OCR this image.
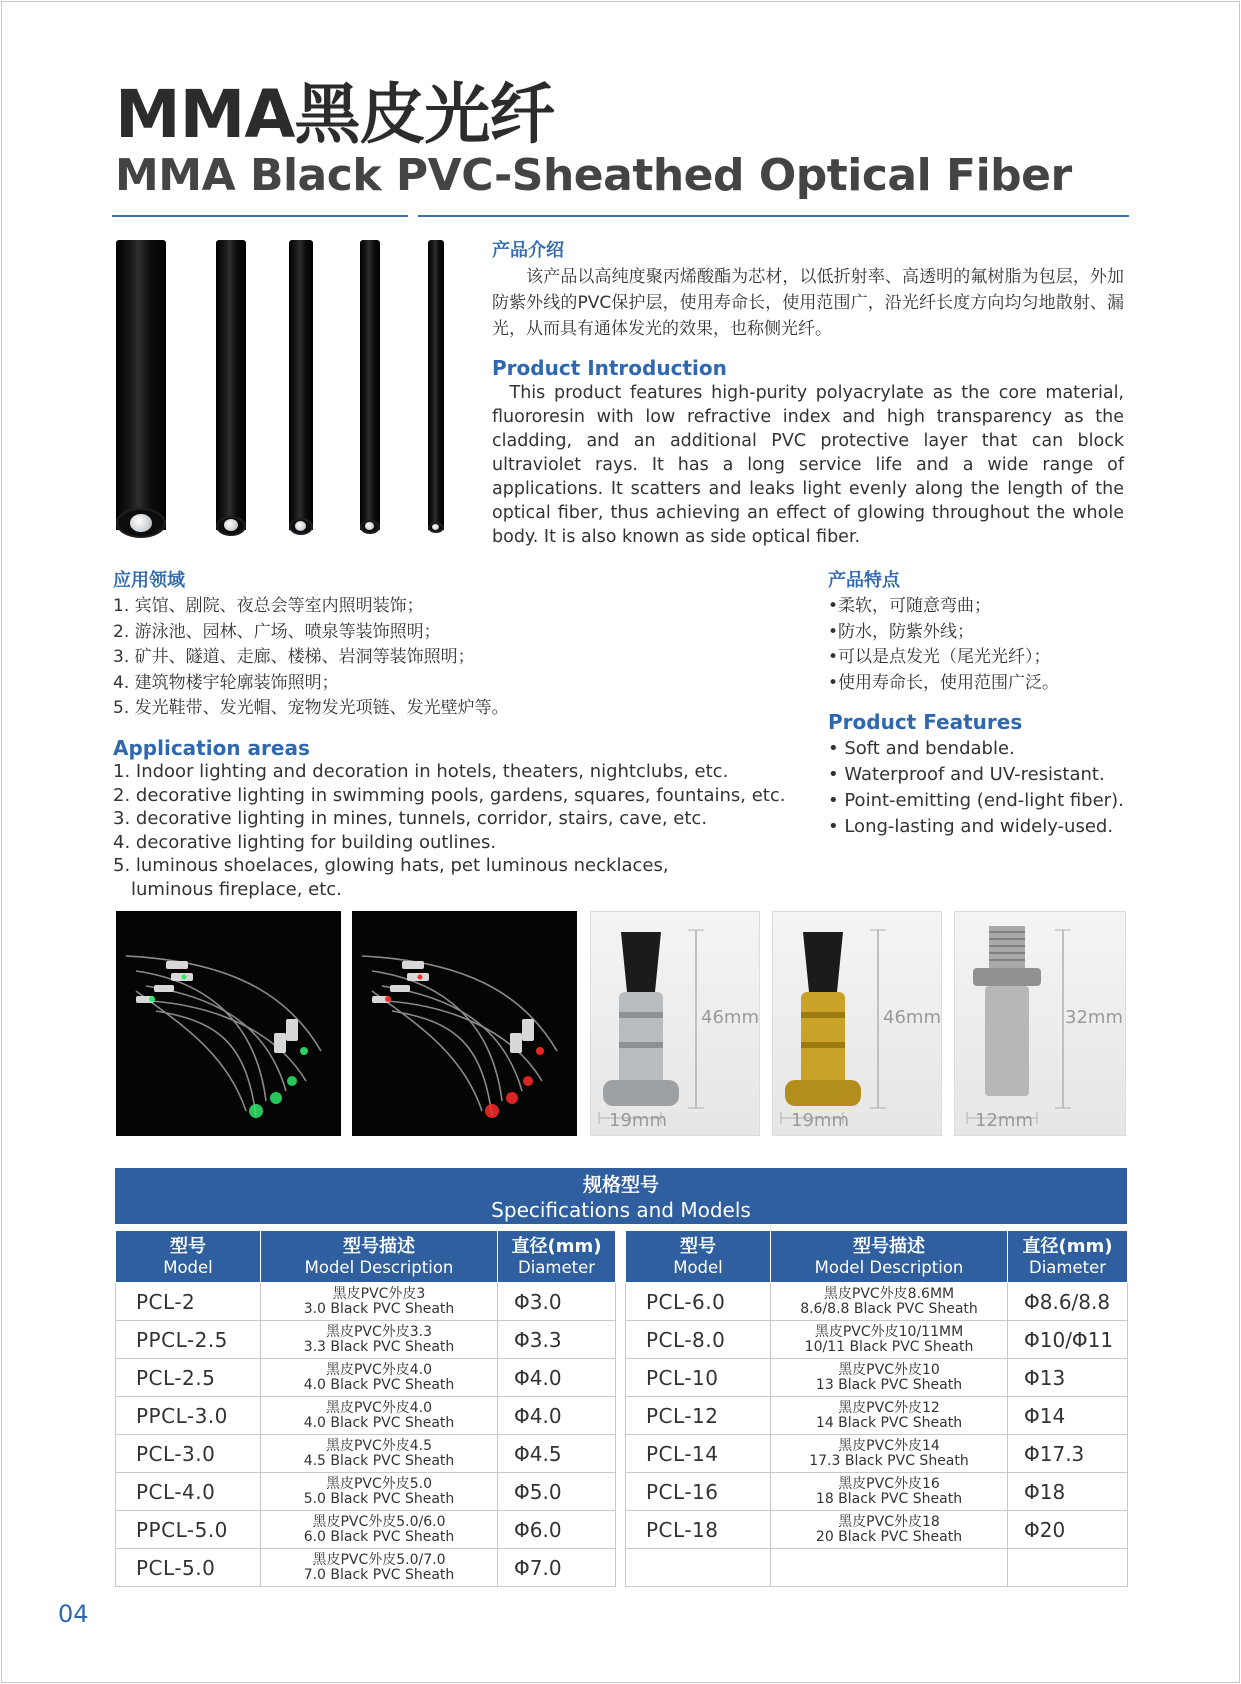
MMA黑皮光纤
MMA Black PVC-Sheathed Optical Fiber
产品介绍
　　该产品以高纯度聚丙烯酸酯为芯材，以低折射率、高透明的氟树脂为包层，外加防紫外线的PVC保护层，使用寿命长，使用范围广，沿光纤长度方向均匀地散射、漏光，从而具有通体发光的效果，也称侧光纤。
Product Introduction
 This product features high-purity polyacrylate as the core material, fluororesin with low refractive index and high transparency as the cladding, and an additional PVC protective layer that can block ultraviolet rays. It has a long service life and a wide range of applications. It scatters and leaks light evenly along the length of the optical fiber, thus achieving an effect of glowing throughout the whole body. It is also known as side optical fiber.
应用领域
1. 宾馆、剧院、夜总会等室内照明装饰；
2. 游泳池、园林、广场、喷泉等装饰照明；
3. 矿井、隧道、走廊、楼梯、岩洞等装饰照明；
4. 建筑物楼宇轮廓装饰照明；
5. 发光鞋带、发光帽、宠物发光项链、发光壁炉等。
Application areas
1. Indoor lighting and decoration in hotels, theaters, nightclubs, etc.
2. decorative lighting in swimming pools, gardens, squares, fountains, etc.
3. decorative lighting in mines, tunnels, corridor, stairs, cave, etc.
4. decorative lighting for building outlines.
5. luminous shoelaces, glowing hats, pet luminous necklaces,
 luminous fireplace, etc.
产品特点
•柔软，可随意弯曲；
•防水，防紫外线；
•可以是点发光（尾光光纤）；
•使用寿命长，使用范围广泛。
Product Features
• Soft and bendable.
• Waterproof and UV-resistant.
• Point-emitting (end-light fiber).
• Long-lasting and widely-used.
46mm
19mm
46mm
19mm
32mm
12mm
规格型号
Specifications and Models
型号
Model	型号描述
Model Description	直径(mm)
Diameter

PCL-2	黑皮PVC外皮3
3.0 Black PVC Sheath	Φ3.0
PPCL-2.5	黑皮PVC外皮3.3
3.3 Black PVC Sheath	Φ3.3
PCL-2.5	黑皮PVC外皮4.0
4.0 Black PVC Sheath	Φ4.0
PPCL-3.0	黑皮PVC外皮4.0
4.0 Black PVC Sheath	Φ4.0
PCL-3.0	黑皮PVC外皮4.5
4.5 Black PVC Sheath	Φ4.5
PCL-4.0	黑皮PVC外皮5.0
5.0 Black PVC Sheath	Φ5.0
PPCL-5.0	黑皮PVC外皮5.0/6.0
6.0 Black PVC Sheath	Φ6.0
PCL-5.0	黑皮PVC外皮5.0/7.0
7.0 Black PVC Sheath	Φ7.0
型号
Model	型号描述
Model Description	直径(mm)
Diameter

PCL-6.0	黑皮PVC外皮8.6MM
8.6/8.8 Black PVC Sheath	Φ8.6/8.8
PCL-8.0	黑皮PVC外皮10/11MM
10/11 Black PVC Sheath	Φ10/Φ11
PCL-10	黑皮PVC外皮10
13 Black PVC Sheath	Φ13
PCL-12	黑皮PVC外皮12
14 Black PVC Sheath	Φ14
PCL-14	黑皮PVC外皮14
17.3 Black PVC Sheath	Φ17.3
PCL-16	黑皮PVC外皮16
18 Black PVC Sheath	Φ18
PCL-18	黑皮PVC外皮18
20 Black PVC Sheath	Φ20

04
